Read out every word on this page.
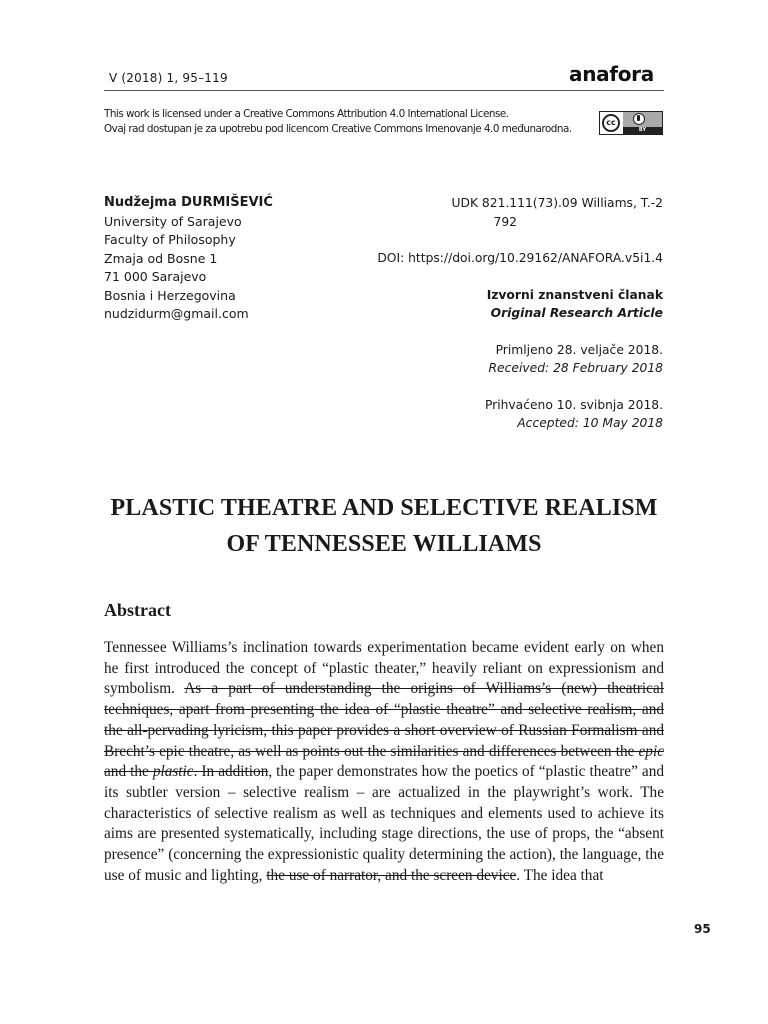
V (2018) 1, 95–119	anafora
This work is licensed under a Creative Commons Attribution 4.0 International License.
Ovaj rad dostupan je za upotrebu pod licencom Creative Commons Imenovanje 4.0 međunarodna.
cc
BY
Nudžejma DURMIŠEVIĆ
University of Sarajevo
Faculty of Philosophy
Zmaja od Bosne 1
71 000 Sarajevo
Bosnia i Herzegovina
nudzidurm@gmail.com
UDK 821.111(73).09 Williams, T.-2
792
DOI: https://doi.org/10.29162/ANAFORA.v5i1.4
Izvorni znanstveni članak
Original Research Article
Primljeno 28. veljače 2018.
Received: 28 February 2018
Prihvaćeno 10. svibnja 2018.
Accepted: 10 May 2018
PLASTIC THEATRE AND SELECTIVE REALISM
OF TENNESSEE WILLIAMS
Abstract
Tennessee Williams’s inclination towards experimentation became evident early on when he first introduced the concept of “plastic theater,” heavily reliant on expressionism and symbolism. As a part of understanding the origins of Williams’s (new) theatrical techniques, apart from presenting the idea of “plastic theatre” and selective realism, and the all-pervading lyricism, this paper provides a short overview of Russian Formalism and Brecht’s epic theatre, as well as points out the similarities and differences between the epic and the plastic. In addition, the paper demonstrates how the poetics of “plastic theatre” and its subtler version – selective realism – are actualized in the playwright’s work. The characteristics of selective realism as well as techniques and elements used to achieve its aims are presented systematically, including stage directions, the use of props, the “absent presence” (concerning the expressionistic quality determining the action), the language, the use of music and lighting, the use of narrator, and the screen device. The idea that
95
